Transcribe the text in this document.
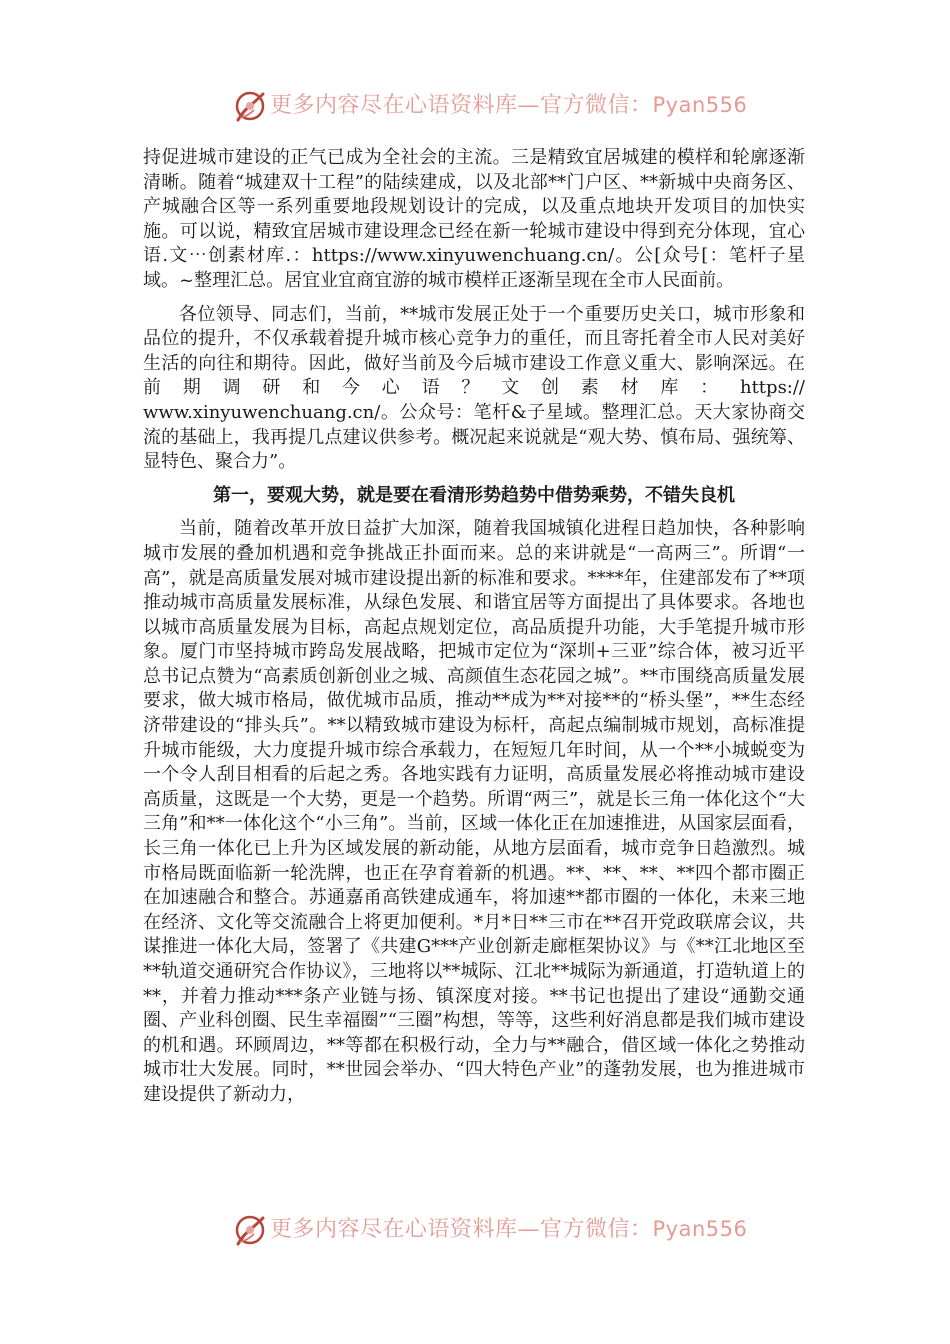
更多内容尽在心语资料库—官方微信：Pyan556

持促进城市建设的正气已成为全社会的主流。三是精致宜居城建的模样和轮廓逐渐清晰。随着“城建双十工程”的陆续建成，以及北部**门户区、**新城中央商务区、产城融合区等一系列重要地段规划设计的完成，以及重点地块开发项目的加快实施。可以说，精致宜居城市建设理念已经在新一轮城市建设中得到充分体现，宜心语.文⋯创素材库.：https://www.xinyuwenchuang.cn/。公[众号[：笔杆子星域。~整理汇总。居宜业宜商宜游的城市模样正逐渐呈现在全市人民面前。

各位领导、同志们，当前，**城市发展正处于一个重要历史关口，城市形象和品位的提升，不仅承载着提升城市核心竞争力的重任，而且寄托着全市人民对美好生活的向往和期待。因此，做好当前及今后城市建设工作意义重大、影响深远。在前期调研和今心语？文创素材库：https://

www.xinyuwenchuang.cn/。公众号：笔杆&子星域。整理汇总。天大家协商交流的基础上，我再提几点建议供参考。概况起来说就是“观大势、慎布局、强统筹、显特色、聚合力”。

第一，要观大势，就是要在看清形势趋势中借势乘势，不错失良机

当前，随着改革开放日益扩大加深，随着我国城镇化进程日趋加快，各种影响城市发展的叠加机遇和竞争挑战正扑面而来。总的来讲就是“一高两三”。所谓“一高”，就是高质量发展对城市建设提出新的标准和要求。****年，住建部发布了**项推动城市高质量发展标准，从绿色发展、和谐宜居等方面提出了具体要求。各地也以城市高质量发展为目标，高起点规划定位，高品质提升功能，大手笔提升城市形象。厦门市坚持城市跨岛发展战略，把城市定位为“深圳+三亚”综合体，被习近平总书记点赞为“高素质创新创业之城、高颜值生态花园之城”。**市围绕高质量发展要求，做大城市格局，做优城市品质，推动**成为**对接**的“桥头堡”，**生态经济带建设的“排头兵”。**以精致城市建设为标杆，高起点编制城市规划，高标准提升城市能级，大力度提升城市综合承载力，在短短几年时间，从一个**小城蜕变为一个令人刮目相看的后起之秀。各地实践有力证明，高质量发展必将推动城市建设高质量，这既是一个大势，更是一个趋势。所谓“两三”，就是长三角一体化这个“大三角”和**一体化这个“小三角”。当前，区域一体化正在加速推进，从国家层面看，长三角一体化已上升为区域发展的新动能，从地方层面看，城市竞争日趋激烈。城市格局既面临新一轮洗牌，也正在孕育着新的机遇。**、**、**、**四个都市圈正在加速融合和整合。苏通嘉甬高铁建成通车，将加速**都市圈的一体化，未来三地在经济、文化等交流融合上将更加便利。*月*日**三市在**召开党政联席会议，共谋推进一体化大局，签署了《共建G***产业创新走廊框架协议》与《**江北地区至**轨道交通研究合作协议》，三地将以**城际、江北**城际为新通道，打造轨道上的**，并着力推动***条产业链与扬、镇深度对接。**书记也提出了建设“通勤交通圈、产业科创圈、民生幸福圈”“三圈”构想，等等，这些利好消息都是我们城市建设的机和遇。环顾周边，**等都在积极行动，全力与**融合，借区域一体化之势推动城市壮大发展。同时，**世园会举办、“四大特色产业”的蓬勃发展，也为推进城市建设提供了新动力，

更多内容尽在心语资料库—官方微信：Pyan556
